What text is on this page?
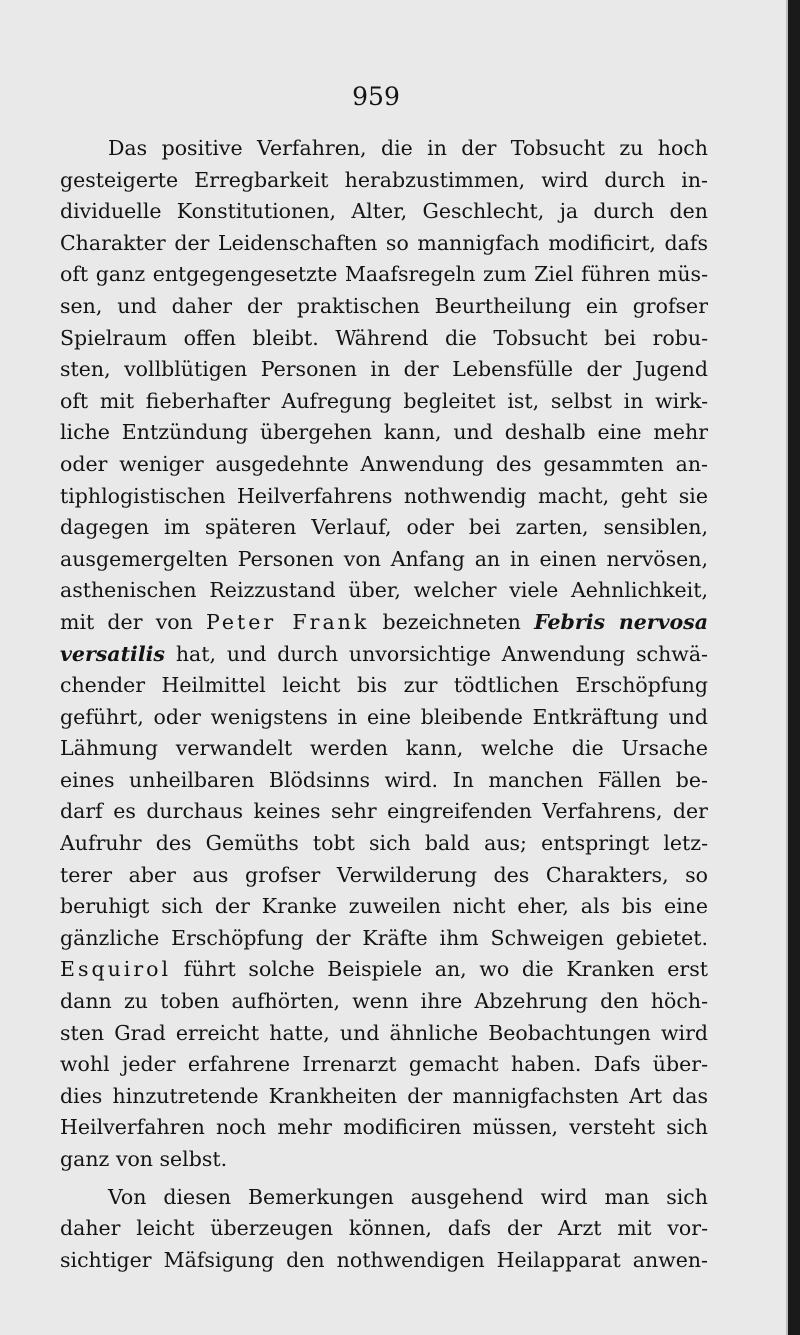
959
Das positive Verfahren, die in der Tobsucht zu hoch
gesteigerte Erregbarkeit herabzustimmen, wird durch in-
dividuelle Konstitutionen, Alter, Geschlecht, ja durch den
Charakter der Leidenschaften so mannigfach modificirt, dafs
oft ganz entgegengesetzte Maafsregeln zum Ziel führen müs-
sen, und daher der praktischen Beurtheilung ein grofser
Spielraum offen bleibt. Während die Tobsucht bei robu-
sten, vollblütigen Personen in der Lebensfülle der Jugend
oft mit fieberhafter Aufregung begleitet ist, selbst in wirk-
liche Entzündung übergehen kann, und deshalb eine mehr
oder weniger ausgedehnte Anwendung des gesammten an-
tiphlogistischen Heilverfahrens nothwendig macht, geht sie
dagegen im späteren Verlauf, oder bei zarten, sensiblen,
ausgemergelten Personen von Anfang an in einen nervösen,
asthenischen Reizzustand über, welcher viele Aehnlichkeit,
mit der von Peter Frank bezeichneten Febris nervosa
versatilis hat, und durch unvorsichtige Anwendung schwä-
chender Heilmittel leicht bis zur tödtlichen Erschöpfung
geführt, oder wenigstens in eine bleibende Entkräftung und
Lähmung verwandelt werden kann, welche die Ursache
eines unheilbaren Blödsinns wird. In manchen Fällen be-
darf es durchaus keines sehr eingreifenden Verfahrens, der
Aufruhr des Gemüths tobt sich bald aus; entspringt letz-
terer aber aus grofser Verwilderung des Charakters, so
beruhigt sich der Kranke zuweilen nicht eher, als bis eine
gänzliche Erschöpfung der Kräfte ihm Schweigen gebietet.
Esquirol führt solche Beispiele an, wo die Kranken erst
dann zu toben aufhörten, wenn ihre Abzehrung den höch-
sten Grad erreicht hatte, und ähnliche Beobachtungen wird
wohl jeder erfahrene Irrenarzt gemacht haben. Dafs über-
dies hinzutretende Krankheiten der mannigfachsten Art das
Heilverfahren noch mehr modificiren müssen, versteht sich
ganz von selbst.
Von diesen Bemerkungen ausgehend wird man sich
daher leicht überzeugen können, dafs der Arzt mit vor-
sichtiger Mäfsigung den nothwendigen Heilapparat anwen-
